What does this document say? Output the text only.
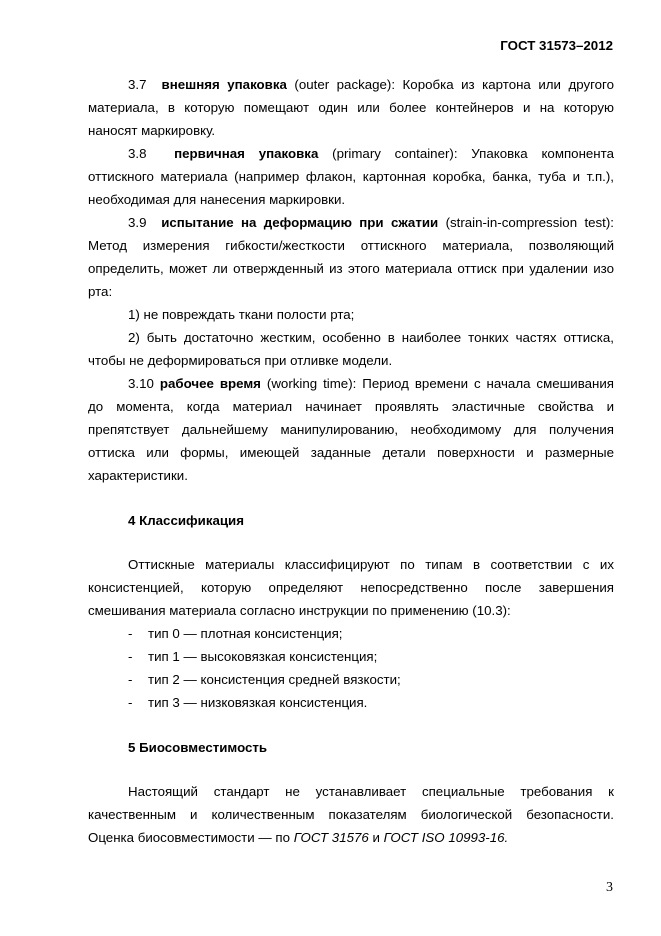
ГОСТ 31573–2012

3.7 внешняя упаковка (outer package): Коробка из картона или другого

материала, в которую помещают один или более контейнеров и на которую

наносят маркировку.

3.8 первичная упаковка (primary container): Упаковка компонента

оттискного материала (например флакон, картонная коробка, банка, туба и т.п.),

необходимая для нанесения маркировки.

3.9 испытание на деформацию при сжатии (strain-in-compression test):

Метод измерения гибкости/жесткости оттискного материала, позволяющий

определить, может ли отвержденный из этого материала оттиск при удалении изо

рта:

1) не повреждать ткани полости рта;

2) быть достаточно жестким, особенно в наиболее тонких частях оттиска,

чтобы не деформироваться при отливке модели.

3.10 рабочее время (working time): Период времени с начала смешивания

до момента, когда материал начинает проявлять эластичные свойства и

препятствует дальнейшему манипулированию, необходимому для получения

оттиска или формы, имеющей заданные детали поверхности и размерные

характеристики.

4 Классификация

Оттискные материалы классифицируют по типам в соответствии с их

консистенцией, которую определяют непосредственно после завершения

смешивания материала согласно инструкции по применению (10.3):

- тип 0 — плотная консистенция;
- тип 1 — высоковязкая консистенция;
- тип 2 — консистенция средней вязкости;
- тип 3 — низковязкая консистенция.
5 Биосовместимость

Настоящий стандарт не устанавливает специальные требования к

качественным и количественным показателям биологической безопасности.

Оценка биосовместимости — по ГОСТ 31576 и ГОСТ ISO 10993-16.

3
